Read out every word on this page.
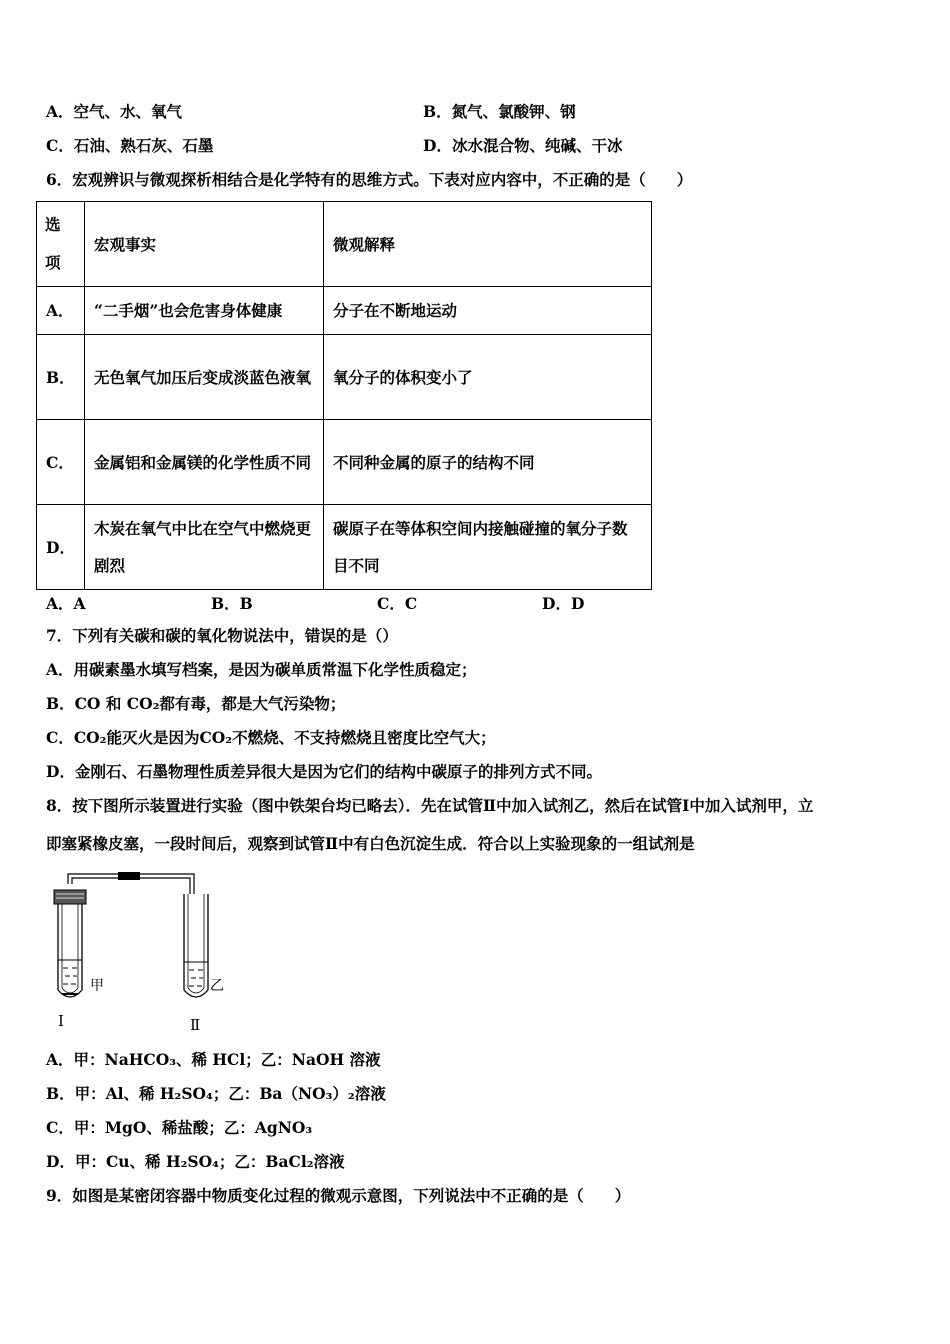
A．空气、水、氧气	B．氮气、氯酸钾、钢
C．石油、熟石灰、石墨	D．冰水混合物、纯碱、干冰
6．宏观辨识与微观探析相结合是化学特有的思维方式。下表对应内容中，不正确的是（　　）
选项	宏观事实	微观解释
A．	“二手烟”也会危害身体健康	分子在不断地运动
B．	无色氧气加压后变成淡蓝色液氧	氧分子的体积变小了
C．	金属铝和金属镁的化学性质不同	不同种金属的原子的结构不同
D．	木炭在氧气中比在空气中燃烧更剧烈	碳原子在等体积空间内接触碰撞的氧分子数目不同
A．A	B．B	C．C	D．D
7．下列有关碳和碳的氧化物说法中，错误的是（）
A．用碳素墨水填写档案，是因为碳单质常温下化学性质稳定；
B．CO 和 CO₂都有毒，都是大气污染物；
C．CO₂能灭火是因为CO₂不燃烧、不支持燃烧且密度比空气大；
D．金刚石、石墨物理性质差异很大是因为它们的结构中碳原子的排列方式不同。
8．按下图所示装置进行实验（图中铁架台均已略去）．先在试管Ⅱ中加入试剂乙，然后在试管Ⅰ中加入试剂甲，立
即塞紧橡皮塞，一段时间后，观察到试管Ⅱ中有白色沉淀生成．符合以上实验现象的一组试剂是
甲
Ⅰ
乙
Ⅱ
A．甲：NaHCO₃、稀 HCl；乙：NaOH 溶液
B．甲：Al、稀 H₂SO₄；乙：Ba（NO₃）₂溶液
C．甲：MgO、稀盐酸；乙：AgNO₃
D．甲：Cu、稀 H₂SO₄；乙：BaCl₂溶液
9．如图是某密闭容器中物质变化过程的微观示意图，下列说法中不正确的是（　　）
